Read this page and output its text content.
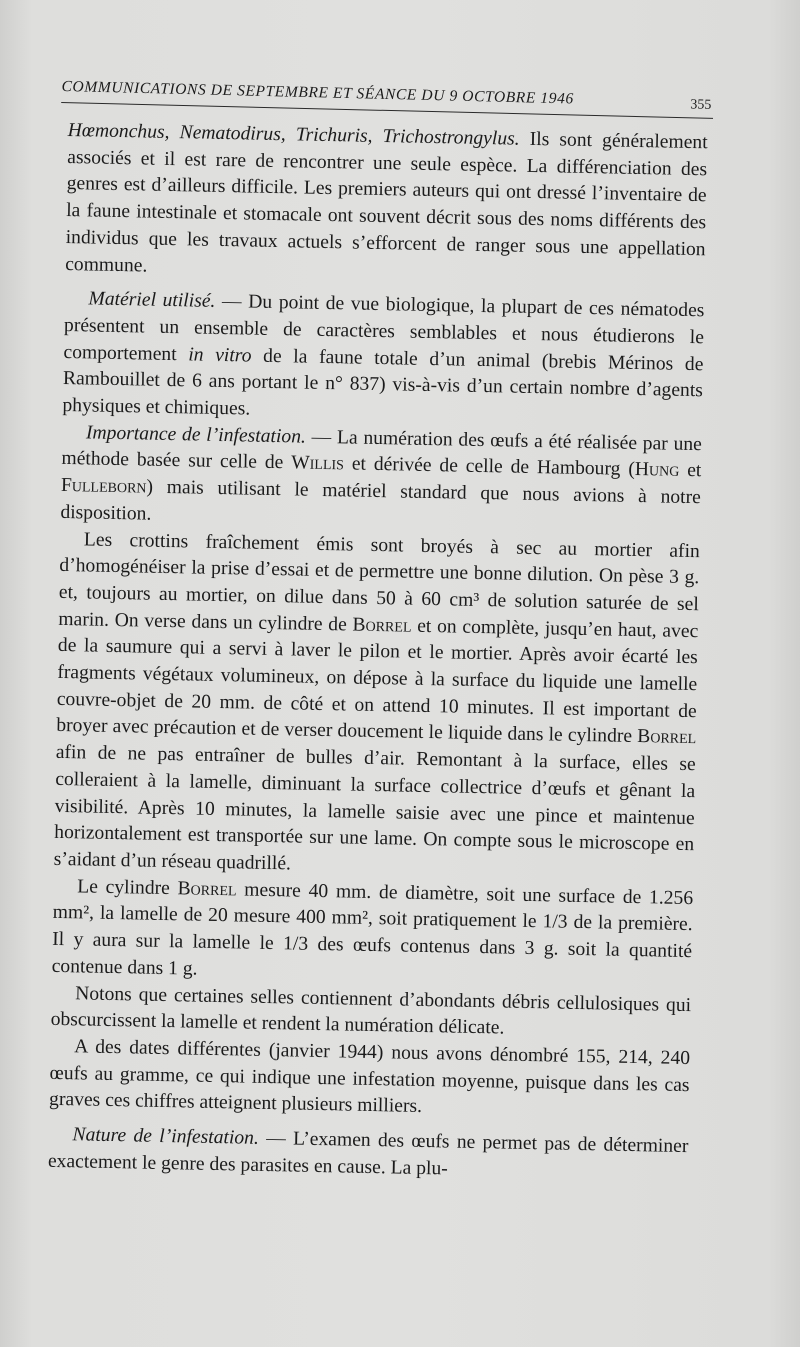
COMMUNICATIONS DE SEPTEMBRE ET SÉANCE DU 9 OCTOBRE 1946	355

Hœmonchus, Nematodirus, Trichuris, Trichostrongylus. Ils sont généralement associés et il est rare de rencontrer une seule espèce. La différenciation des genres est d’ailleurs difficile. Les premiers auteurs qui ont dressé l’inventaire de la faune intestinale et stomacale ont souvent décrit sous des noms différents des individus que les travaux actuels s’efforcent de ranger sous une appellation commune.

Matériel utilisé. — Du point de vue biologique, la plupart de ces nématodes présentent un ensemble de caractères semblables et nous étudierons le comportement in vitro de la faune totale d’un animal (brebis Mérinos de Rambouillet de 6 ans portant le n° 837) vis-à-vis d’un certain nombre d’agents physiques et chimiques.

Importance de l’infestation. — La numération des œufs a été réalisée par une méthode basée sur celle de Willis et dérivée de celle de Hambourg (Hung et Fulleborn) mais utilisant le matériel standard que nous avions à notre disposition.

Les crottins fraîchement émis sont broyés à sec au mortier afin d’homogénéiser la prise d’essai et de permettre une bonne dilution. On pèse 3 g. et, toujours au mortier, on dilue dans 50 à 60 cm³ de solution saturée de sel marin. On verse dans un cylindre de Borrel et on complète, jusqu’en haut, avec de la saumure qui a servi à laver le pilon et le mortier. Après avoir écarté les fragments végétaux volumineux, on dépose à la surface du liquide une lamelle couvre-objet de 20 mm. de côté et on attend 10 minutes. Il est important de broyer avec précaution et de verser doucement le liquide dans le cylindre Borrel afin de ne pas entraîner de bulles d’air. Remontant à la surface, elles se colleraient à la lamelle, diminuant la surface collectrice d’œufs et gênant la visibilité. Après 10 minutes, la lamelle saisie avec une pince et maintenue horizontalement est transportée sur une lame. On compte sous le microscope en s’aidant d’un réseau quadrillé.

Le cylindre Borrel mesure 40 mm. de diamètre, soit une surface de 1.256 mm², la lamelle de 20 mesure 400 mm², soit pratiquement le 1/3 de la première. Il y aura sur la lamelle le 1/3 des œufs contenus dans 3 g. soit la quantité contenue dans 1 g.

Notons que certaines selles contiennent d’abondants débris cellulosiques qui obscurcissent la lamelle et rendent la numération délicate.

A des dates différentes (janvier 1944) nous avons dénombré 155, 214, 240 œufs au gramme, ce qui indique une infestation moyenne, puisque dans les cas graves ces chiffres atteignent plusieurs milliers.

Nature de l’infestation. — L’examen des œufs ne permet pas de déterminer exactement le genre des parasites en cause. La plu-
